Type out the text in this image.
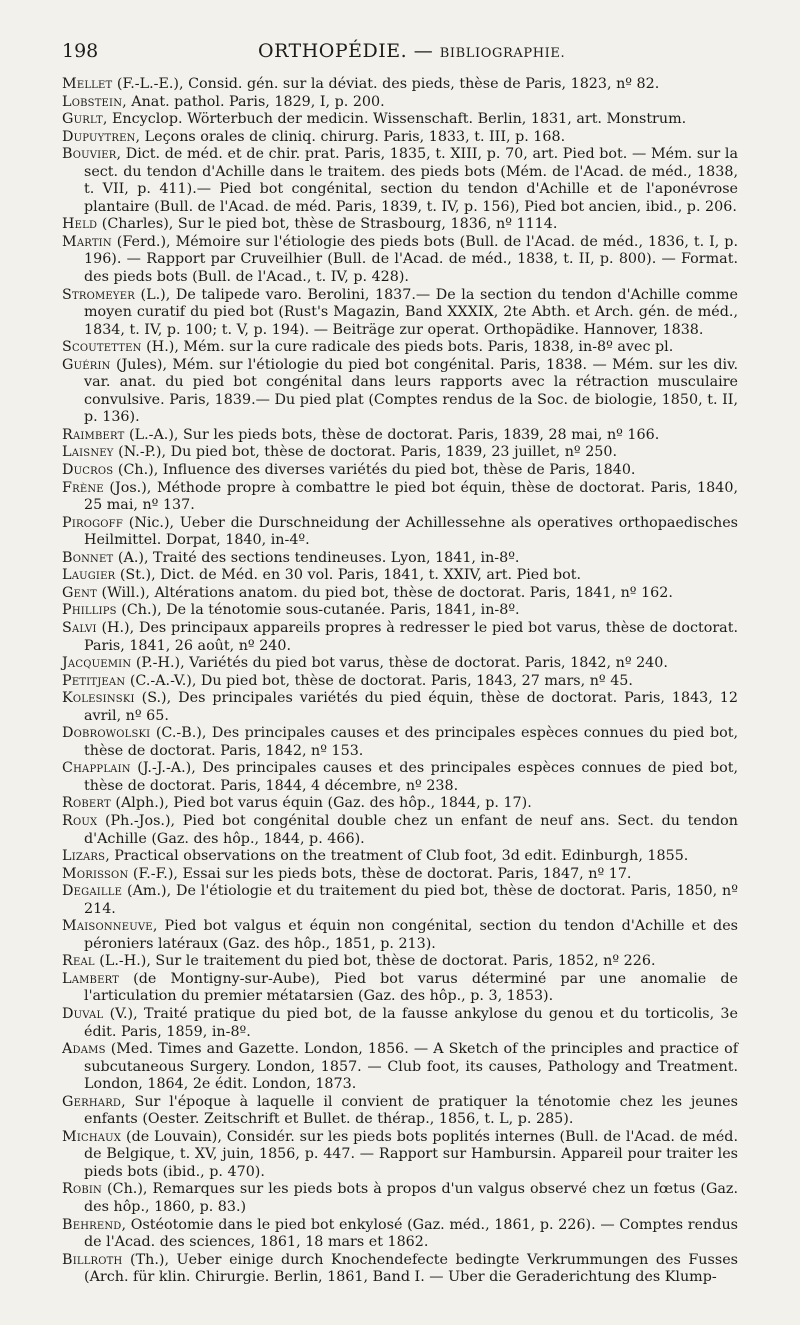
198	ORTHOPÉDIE. — BIBLIOGRAPHIE.

Mellet (F.-L.-E.), Consid. gén. sur la déviat. des pieds, thèse de Paris, 1823, nº 82.

Lobstein, Anat. pathol. Paris, 1829, I, p. 200.

Gurlt, Encyclop. Wörterbuch der medicin. Wissenschaft. Berlin, 1831, art. Monstrum.

Dupuytren, Leçons orales de cliniq. chirurg. Paris, 1833, t. III, p. 168.

Bouvier, Dict. de méd. et de chir. prat. Paris, 1835, t. XIII, p. 70, art. Pied bot. — Mém. sur la sect. du tendon d'Achille dans le traitem. des pieds bots (Mém. de l'Acad. de méd., 1838, t. VII, p. 411).— Pied bot congénital, section du tendon d'Achille et de l'aponévrose plantaire (Bull. de l'Acad. de méd. Paris, 1839, t. IV, p. 156), Pied bot ancien, ibid., p. 206.

Held (Charles), Sur le pied bot, thèse de Strasbourg, 1836, nº 1114.

Martin (Ferd.), Mémoire sur l'étiologie des pieds bots (Bull. de l'Acad. de méd., 1836, t. I, p. 196). — Rapport par Cruveilhier (Bull. de l'Acad. de méd., 1838, t. II, p. 800). — Format. des pieds bots (Bull. de l'Acad., t. IV, p. 428).

Stromeyer (L.), De talipede varo. Berolini, 1837.— De la section du tendon d'Achille comme moyen curatif du pied bot (Rust's Magazin, Band XXXIX, 2te Abth. et Arch. gén. de méd., 1834, t. IV, p. 100; t. V, p. 194). — Beiträge zur operat. Orthopädike. Hannover, 1838.

Scoutetten (H.), Mém. sur la cure radicale des pieds bots. Paris, 1838, in-8º avec pl.

Guérin (Jules), Mém. sur l'étiologie du pied bot congénital. Paris, 1838. — Mém. sur les div. var. anat. du pied bot congénital dans leurs rapports avec la rétraction musculaire convulsive. Paris, 1839.— Du pied plat (Comptes rendus de la Soc. de biologie, 1850, t. II, p. 136).

Raimbert (L.-A.), Sur les pieds bots, thèse de doctorat. Paris, 1839, 28 mai, nº 166.

Laisney (N.-P.), Du pied bot, thèse de doctorat. Paris, 1839, 23 juillet, nº 250.

Ducros (Ch.), Influence des diverses variétés du pied bot, thèse de Paris, 1840.

Frène (Jos.), Méthode propre à combattre le pied bot équin, thèse de doctorat. Paris, 1840, 25 mai, nº 137.

Pirogoff (Nic.), Ueber die Durschneidung der Achillessehne als operatives orthopaedisches Heilmittel. Dorpat, 1840, in-4º.

Bonnet (A.), Traité des sections tendineuses. Lyon, 1841, in-8º.

Laugier (St.), Dict. de Méd. en 30 vol. Paris, 1841, t. XXIV, art. Pied bot.

Gent (Will.), Altérations anatom. du pied bot, thèse de doctorat. Paris, 1841, nº 162.

Phillips (Ch.), De la ténotomie sous-cutanée. Paris, 1841, in-8º.

Salvi (H.), Des principaux appareils propres à redresser le pied bot varus, thèse de doctorat. Paris, 1841, 26 août, nº 240.

Jacquemin (P.-H.), Variétés du pied bot varus, thèse de doctorat. Paris, 1842, nº 240.

Petitjean (C.-A.-V.), Du pied bot, thèse de doctorat. Paris, 1843, 27 mars, nº 45.

Kolesinski (S.), Des principales variétés du pied équin, thèse de doctorat. Paris, 1843, 12 avril, nº 65.

Dobrowolski (C.-B.), Des principales causes et des principales espèces connues du pied bot, thèse de doctorat. Paris, 1842, nº 153.

Chapplain (J.-J.-A.), Des principales causes et des principales espèces connues de pied bot, thèse de doctorat. Paris, 1844, 4 décembre, nº 238.

Robert (Alph.), Pied bot varus équin (Gaz. des hôp., 1844, p. 17).

Roux (Ph.-Jos.), Pied bot congénital double chez un enfant de neuf ans. Sect. du tendon d'Achille (Gaz. des hôp., 1844, p. 466).

Lizars, Practical observations on the treatment of Club foot, 3d edit. Edinburgh, 1855.

Morisson (F.-F.), Essai sur les pieds bots, thèse de doctorat. Paris, 1847, nº 17.

Degaille (Am.), De l'étiologie et du traitement du pied bot, thèse de doctorat. Paris, 1850, nº 214.

Maisonneuve, Pied bot valgus et équin non congénital, section du tendon d'Achille et des péroniers latéraux (Gaz. des hôp., 1851, p. 213).

Real (L.-H.), Sur le traitement du pied bot, thèse de doctorat. Paris, 1852, nº 226.

Lambert (de Montigny-sur-Aube), Pied bot varus déterminé par une anomalie de l'articulation du premier métatarsien (Gaz. des hôp., p. 3, 1853).

Duval (V.), Traité pratique du pied bot, de la fausse ankylose du genou et du torticolis, 3e édit. Paris, 1859, in-8º.

Adams (Med. Times and Gazette. London, 1856. — A Sketch of the principles and practice of subcutaneous Surgery. London, 1857. — Club foot, its causes, Pathology and Treatment. London, 1864, 2e édit. London, 1873.

Gerhard, Sur l'époque à laquelle il convient de pratiquer la ténotomie chez les jeunes enfants (Oester. Zeitschrift et Bullet. de thérap., 1856, t. L, p. 285).

Michaux (de Louvain), Considér. sur les pieds bots poplités internes (Bull. de l'Acad. de méd. de Belgique, t. XV, juin, 1856, p. 447. — Rapport sur Hambursin. Appareil pour traiter les pieds bots (ibid., p. 470).

Robin (Ch.), Remarques sur les pieds bots à propos d'un valgus observé chez un fœtus (Gaz. des hôp., 1860, p. 83.)

Behrend, Ostéotomie dans le pied bot enkylosé (Gaz. méd., 1861, p. 226). — Comptes rendus de l'Acad. des sciences, 1861, 18 mars et 1862.

Billroth (Th.), Ueber einige durch Knochendefecte bedingte Verkrummungen des Fusses (Arch. für klin. Chirurgie. Berlin, 1861, Band I. — Uber die Geraderichtung des Klump-
